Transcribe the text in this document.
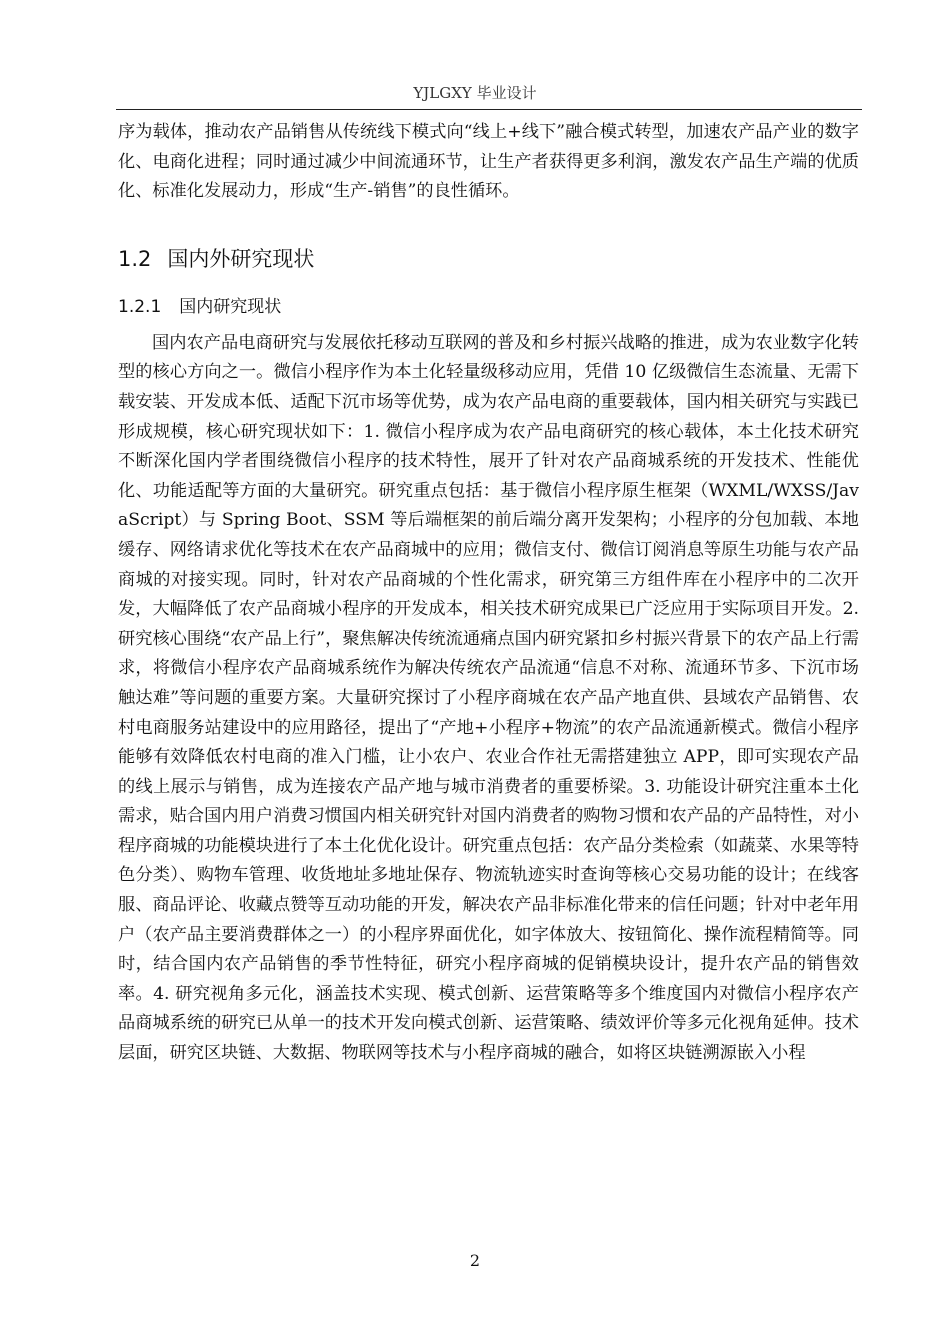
YJLGXY 毕业设计

序为载体，推动农产品销售从传统线下模式向“线上+线下”融合模式转型，加速农产品产业的数字化、电商化进程；同时通过减少中间流通环节，让生产者获得更多利润，激发农产品生产端的优质化、标准化发展动力，形成“生产-销售”的良性循环。

1.2 国内外研究现状
1.2.1 国内研究现状

国内农产品电商研究与发展依托移动互联网的普及和乡村振兴战略的推进，成为农业数字化转型的核心方向之一。微信小程序作为本土化轻量级移动应用，凭借 10 亿级微信生态流量、无需下载安装、开发成本低、适配下沉市场等优势，成为农产品电商的重要载体，国内相关研究与实践已形成规模，核心研究现状如下：1. 微信小程序成为农产品电商研究的核心载体，本土化技术研究不断深化国内学者围绕微信小程序的技术特性，展开了针对农产品商城系统的开发技术、性能优化、功能适配等方面的大量研究。研究重点包括：基于微信小程序原生框架（WXML/WXSS/JavaScript）与 Spring Boot、SSM 等后端框架的前后端分离开发架构；小程序的分包加载、本地缓存、网络请求优化等技术在农产品商城中的应用；微信支付、微信订阅消息等原生功能与农产品商城的对接实现。同时，针对农产品商城的个性化需求，研究第三方组件库在小程序中的二次开发，大幅降低了农产品商城小程序的开发成本，相关技术研究成果已广泛应用于实际项目开发。2. 研究核心围绕“农产品上行”，聚焦解决传统流通痛点国内研究紧扣乡村振兴背景下的农产品上行需求，将微信小程序农产品商城系统作为解决传统农产品流通“信息不对称、流通环节多、下沉市场触达难”等问题的重要方案。大量研究探讨了小程序商城在农产品产地直供、县域农产品销售、农村电商服务站建设中的应用路径，提出了“产地+小程序+物流”的农产品流通新模式。微信小程序能够有效降低农村电商的准入门槛，让小农户、农业合作社无需搭建独立 APP，即可实现农产品的线上展示与销售，成为连接农产品产地与城市消费者的重要桥梁。3. 功能设计研究注重本土化需求，贴合国内用户消费习惯国内相关研究针对国内消费者的购物习惯和农产品的产品特性，对小程序商城的功能模块进行了本土化优化设计。研究重点包括：农产品分类检索（如蔬菜、水果等特色分类）、购物车管理、收货地址多地址保存、物流轨迹实时查询等核心交易功能的设计；在线客服、商品评论、收藏点赞等互动功能的开发，解决农产品非标准化带来的信任问题；针对中老年用户（农产品主要消费群体之一）的小程序界面优化，如字体放大、按钮简化、操作流程精简等。同时，结合国内农产品销售的季节性特征，研究小程序商城的促销模块设计，提升农产品的销售效率。4. 研究视角多元化，涵盖技术实现、模式创新、运营策略等多个维度国内对微信小程序农产品商城系统的研究已从单一的技术开发向模式创新、运营策略、绩效评价等多元化视角延伸。技术层面，研究区块链、大数据、物联网等技术与小程序商城的融合，如将区块链溯源嵌入小程

2
